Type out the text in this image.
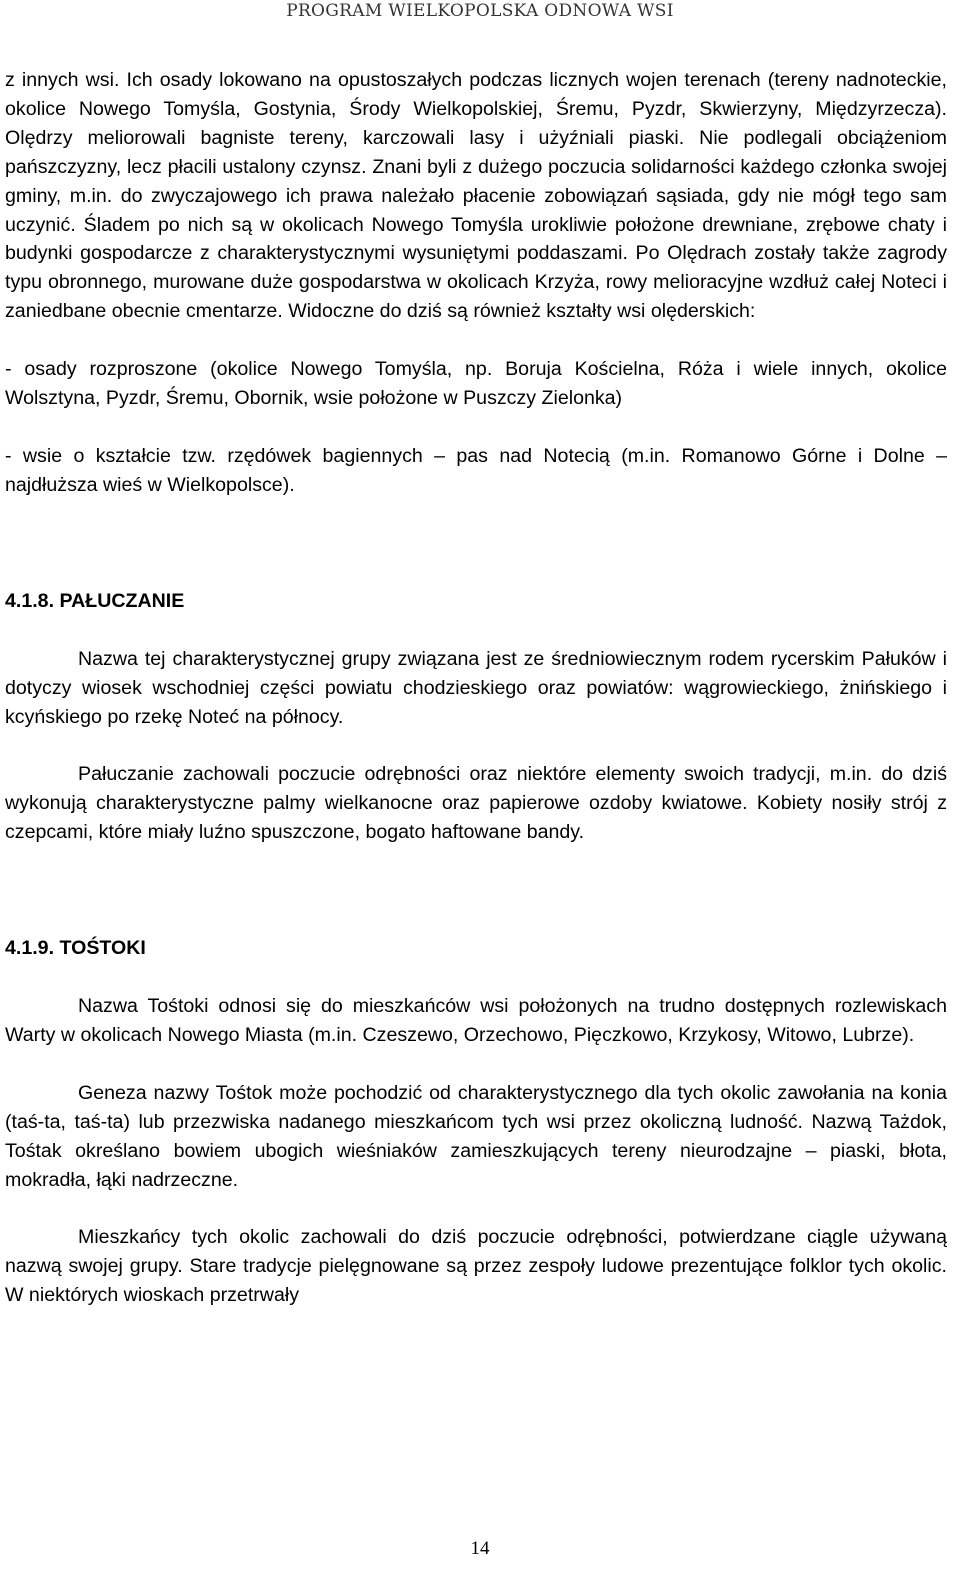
PROGRAM WIELKOPOLSKA ODNOWA WSI

z innych wsi. Ich osady lokowano na opustoszałych podczas licznych wojen terenach (tereny nadnoteckie, okolice Nowego Tomyśla, Gostynia, Środy Wielkopolskiej, Śremu, Pyzdr, Skwierzyny, Międzyrzecza). Olędrzy meliorowali bagniste tereny, karczowali lasy i użyźniali piaski. Nie podlegali obciążeniom pańszczyzny, lecz płacili ustalony czynsz. Znani byli z dużego poczucia solidarności każdego członka swojej gminy, m.in. do zwyczajowego ich prawa należało płacenie zobowiązań sąsiada, gdy nie mógł tego sam uczynić. Śladem po nich są w okolicach Nowego Tomyśla urokliwie położone drewniane, zrębowe chaty i budynki gospodarcze z charakterystycznymi wysuniętymi poddaszami. Po Olędrach zostały także zagrody typu obronnego, murowane duże gospodarstwa w okolicach Krzyża, rowy melioracyjne wzdłuż całej Noteci i zaniedbane obecnie cmentarze. Widoczne do dziś są również kształty wsi olęderskich:

- osady rozproszone (okolice Nowego Tomyśla, np. Boruja Kościelna, Róża i wiele innych, okolice Wolsztyna, Pyzdr, Śremu, Obornik, wsie położone w Puszczy Zielonka)

- wsie o kształcie tzw. rzędówek bagiennych – pas nad Notecią (m.in. Romanowo Górne i Dolne – najdłuższa wieś w Wielkopolsce).

4.1.8. PAŁUCZANIE

Nazwa tej charakterystycznej grupy związana jest ze średniowiecznym rodem rycerskim Pałuków i dotyczy wiosek wschodniej części powiatu chodzieskiego oraz powiatów: wągrowieckiego, żnińskiego i kcyńskiego po rzekę Noteć na północy.

Pałuczanie zachowali poczucie odrębności oraz niektóre elementy swoich tradycji, m.in. do dziś wykonują charakterystyczne palmy wielkanocne oraz papierowe ozdoby kwiatowe. Kobiety nosiły strój z czepcami, które miały luźno spuszczone, bogato haftowane bandy.

4.1.9. TOŚTOKI

Nazwa Tośtoki odnosi się do mieszkańców wsi położonych na trudno dostępnych rozlewiskach Warty w okolicach Nowego Miasta (m.in. Czeszewo, Orzechowo, Pięczkowo, Krzykosy, Witowo, Lubrze).

Geneza nazwy Tośtok może pochodzić od charakterystycznego dla tych okolic zawołania na konia (taś-ta, taś-ta) lub przezwiska nadanego mieszkańcom tych wsi przez okoliczną ludność. Nazwą Tażdok, Tośtak określano bowiem ubogich wieśniaków zamieszkujących tereny nieurodzajne – piaski, błota, mokradła, łąki nadrzeczne.

Mieszkańcy tych okolic zachowali do dziś poczucie odrębności, potwierdzane ciągle używaną nazwą swojej grupy. Stare tradycje pielęgnowane są przez zespoły ludowe prezentujące folklor tych okolic. W niektórych wioskach przetrwały

14
